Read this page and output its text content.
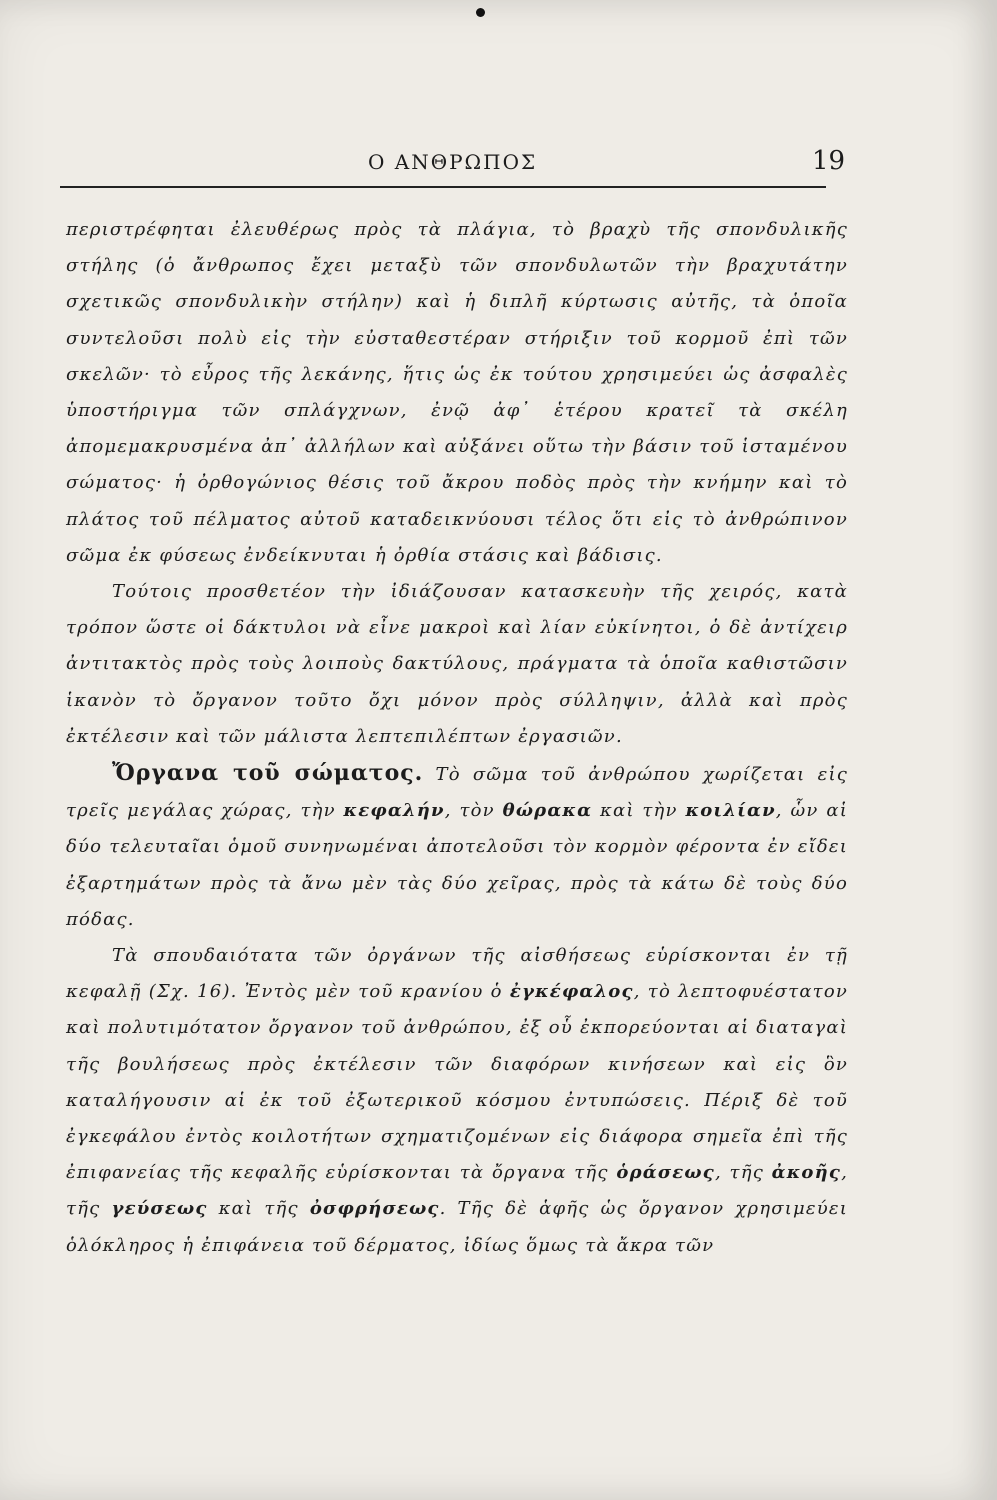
Ο ΑΝΘΡΩΠΟΣ	19

περιστρέφηται ἐλευθέρως πρὸς τὰ πλάγια, τὸ βραχὺ τῆς σπονδυλικῆς στήλης (ὁ ἄνθρωπος ἔχει μεταξὺ τῶν σπονδυλωτῶν τὴν βραχυτάτην σχετικῶς σπονδυλικὴν στήλην) καὶ ἡ διπλῆ κύρτωσις αὐτῆς, τὰ ὁποῖα συντελοῦσι πολὺ εἰς τὴν εὐσταθεστέραν στήριξιν τοῦ κορμοῦ ἐπὶ τῶν σκελῶν· τὸ εὖρος τῆς λεκάνης, ἥτις ὡς ἐκ τούτου χρησιμεύει ὡς ἀσφαλὲς ὑποστήριγμα τῶν σπλάγχνων, ἐνῷ ἀφ᾿ ἑτέρου κρατεῖ τὰ σκέλη ἀπομεμακρυσμένα ἀπ᾿ ἀλλήλων καὶ αὐξάνει οὕτω τὴν βάσιν τοῦ ἱσταμένου σώματος· ἡ ὀρθογώνιος θέσις τοῦ ἄκρου ποδὸς πρὸς τὴν κνήμην καὶ τὸ πλάτος τοῦ πέλματος αὐτοῦ καταδεικνύουσι τέλος ὅτι εἰς τὸ ἀνθρώπινον σῶμα ἐκ φύσεως ἐνδείκνυται ἡ ὀρθία στάσις καὶ βάδισις.

Τούτοις προσθετέον τὴν ἰδιάζουσαν κατασκευὴν τῆς χειρός, κατὰ τρόπον ὥστε οἱ δάκτυλοι νὰ εἶνε μακροὶ καὶ λίαν εὐκίνητοι, ὁ δὲ ἀντίχειρ ἀντιτακτὸς πρὸς τοὺς λοιποὺς δακτύλους, πράγματα τὰ ὁποῖα καθιστῶσιν ἱκανὸν τὸ ὄργανον τοῦτο ὄχι μόνον πρὸς σύλληψιν, ἀλλὰ καὶ πρὸς ἐκτέλεσιν καὶ τῶν μάλιστα λεπτεπιλέπτων ἐργασιῶν.

Ὄργανα τοῦ σώματος. Τὸ σῶμα τοῦ ἀνθρώπου χωρίζεται εἰς τρεῖς μεγάλας χώρας, τὴν κεφαλήν, τὸν θώρακα καὶ τὴν κοιλίαν, ὧν αἱ δύο τελευταῖαι ὁμοῦ συνηνωμέναι ἀποτελοῦσι τὸν κορμὸν φέροντα ἐν εἴδει ἐξαρτημάτων πρὸς τὰ ἄνω μὲν τὰς δύο χεῖρας, πρὸς τὰ κάτω δὲ τοὺς δύο πόδας.

Τὰ σπουδαιότατα τῶν ὀργάνων τῆς αἰσθήσεως εὑρίσκονται ἐν τῇ κεφαλῇ (Σχ. 16). Ἐντὸς μὲν τοῦ κρανίου ὁ ἐγκέφαλος, τὸ λεπτοφυέστατον καὶ πολυτιμότατον ὄργανον τοῦ ἀνθρώπου, ἐξ οὗ ἐκπορεύονται αἱ διαταγαὶ τῆς βουλήσεως πρὸς ἐκτέλεσιν τῶν διαφόρων κινήσεων καὶ εἰς ὃν καταλήγουσιν αἱ ἐκ τοῦ ἐξωτερικοῦ κόσμου ἐντυπώσεις. Πέριξ δὲ τοῦ ἐγκεφάλου ἐντὸς κοιλοτήτων σχηματιζομένων εἰς διάφορα σημεῖα ἐπὶ τῆς ἐπιφανείας τῆς κεφαλῆς εὑρίσκονται τὰ ὄργανα τῆς ὁράσεως, τῆς ἀκοῆς, τῆς γεύσεως καὶ τῆς ὀσφρήσεως. Τῆς δὲ ἁφῆς ὡς ὄργανον χρησιμεύει ὁλόκληρος ἡ ἐπιφάνεια τοῦ δέρματος, ἰδίως ὅμως τὰ ἄκρα τῶν
